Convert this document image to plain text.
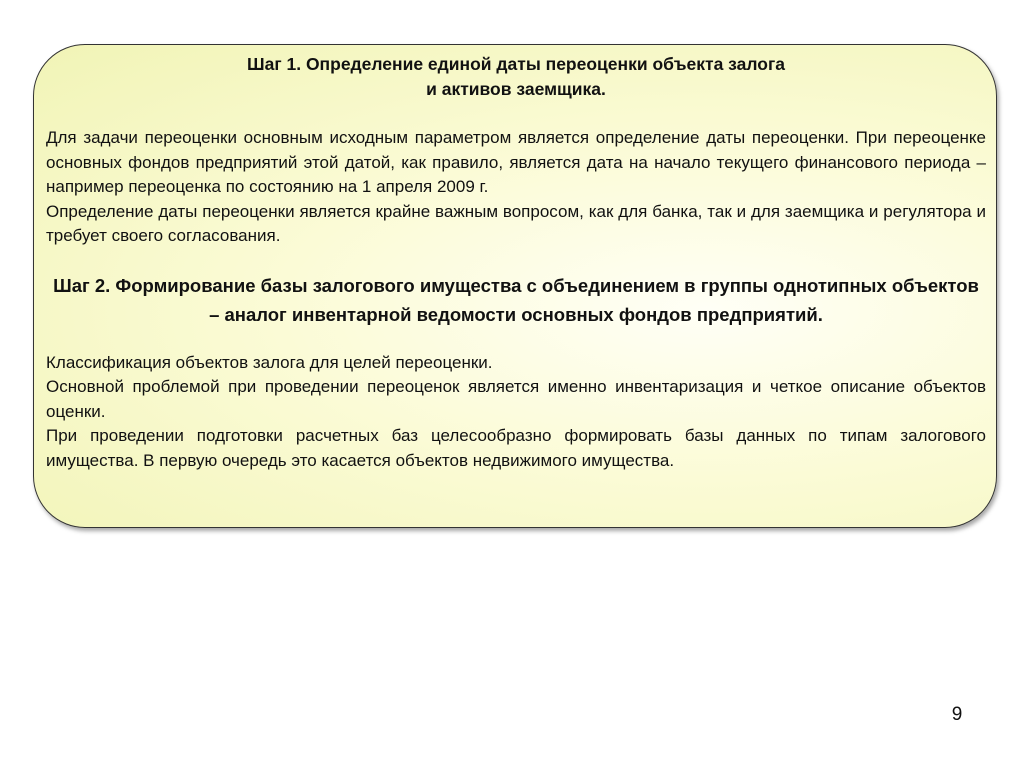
Шаг 1. Определение единой даты переоценки объекта залога
и активов заемщика.

Для задачи переоценки основным исходным параметром является определение даты переоценки. При переоценке основных фондов предприятий этой датой, как правило, является дата на начало текущего финансового периода – например переоценка по состоянию на 1 апреля 2009 г.

Определение даты переоценки является крайне важным вопросом, как для банка, так и для заемщика и регулятора и требует своего согласования.

Шаг 2. Формирование базы залогового имущества с объединением в группы однотипных объектов – аналог инвентарной ведомости основных фондов предприятий.

Классификация объектов залога для целей переоценки.

Основной проблемой при проведении переоценок является именно инвентаризация и четкое описание объектов оценки.

При проведении подготовки расчетных баз целесообразно формировать базы данных по типам залогового имущества. В первую очередь это касается объектов недвижимого имущества.

9
